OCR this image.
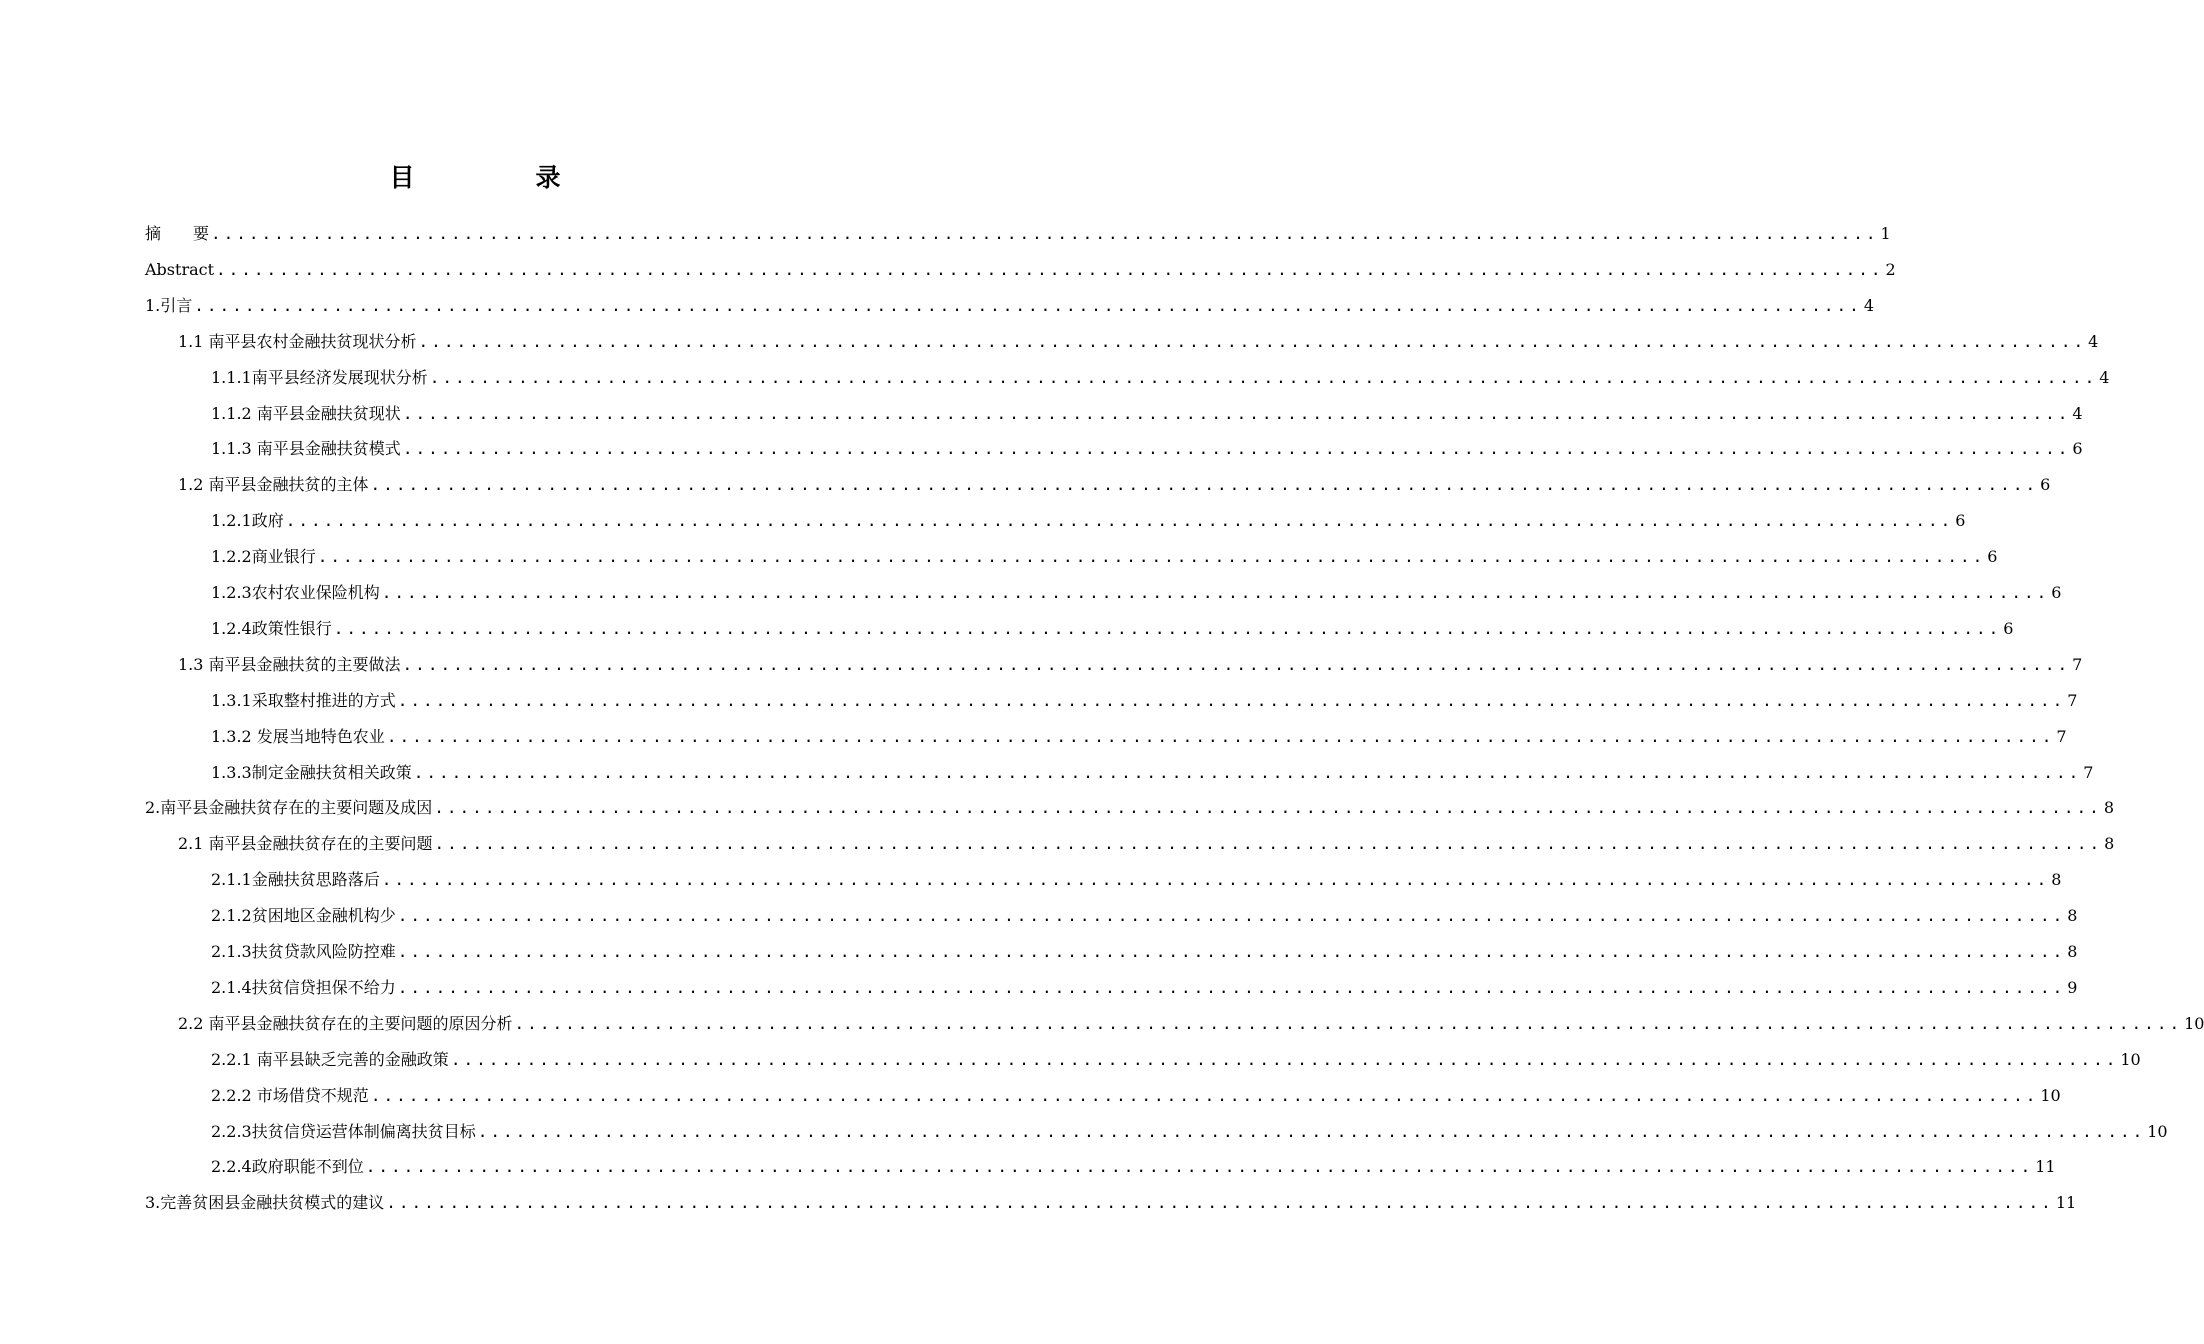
目　录
摘　　要 .................................................................................................................................... 1
Abstract .................................................................................................................................... 2
1.引言 .................................................................................................................................... 4
1.1 南平县农村金融扶贫现状分析 .................................................................................................................................... 4
1.1.1南平县经济发展现状分析 .................................................................................................................................... 4
1.1.2 南平县金融扶贫现状 .................................................................................................................................... 4
1.1.3 南平县金融扶贫模式 .................................................................................................................................... 6
1.2 南平县金融扶贫的主体 .................................................................................................................................... 6
1.2.1政府 .................................................................................................................................... 6
1.2.2商业银行 .................................................................................................................................... 6
1.2.3农村农业保险机构 .................................................................................................................................... 6
1.2.4政策性银行 .................................................................................................................................... 6
1.3 南平县金融扶贫的主要做法 .................................................................................................................................... 7
1.3.1采取整村推进的方式 .................................................................................................................................... 7
1.3.2 发展当地特色农业 .................................................................................................................................... 7
1.3.3制定金融扶贫相关政策 .................................................................................................................................... 7
2.南平县金融扶贫存在的主要问题及成因 .................................................................................................................................... 8
2.1 南平县金融扶贫存在的主要问题 .................................................................................................................................... 8
2.1.1金融扶贫思路落后 .................................................................................................................................... 8
2.1.2贫困地区金融机构少 .................................................................................................................................... 8
2.1.3扶贫贷款风险防控难 .................................................................................................................................... 8
2.1.4扶贫信贷担保不给力 .................................................................................................................................... 9
2.2 南平县金融扶贫存在的主要问题的原因分析 .................................................................................................................................... 10
2.2.1 南平县缺乏完善的金融政策 .................................................................................................................................... 10
2.2.2 市场借贷不规范 .................................................................................................................................... 10
2.2.3扶贫信贷运营体制偏离扶贫目标 .................................................................................................................................... 10
2.2.4政府职能不到位 .................................................................................................................................... 11
3.完善贫困县金融扶贫模式的建议 .................................................................................................................................... 11
